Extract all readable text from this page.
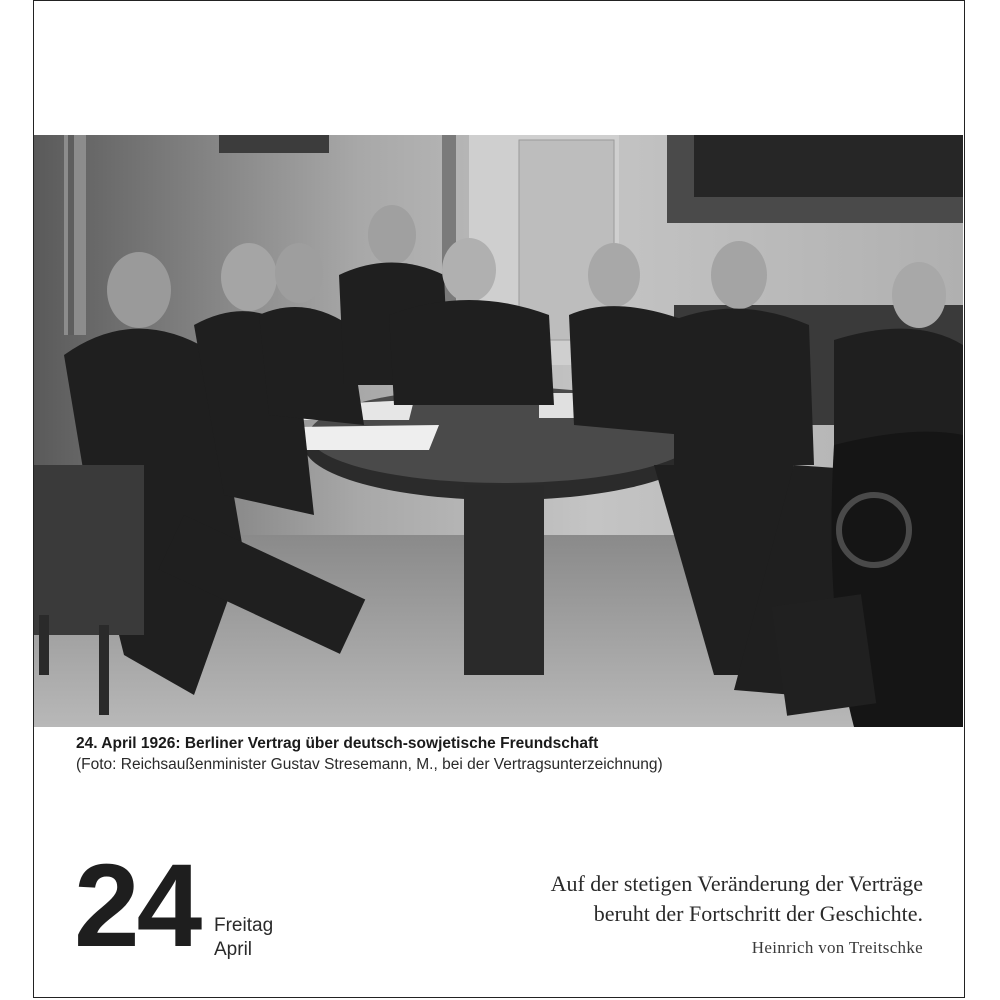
24. April 1926: Berliner Vertrag über deutsch-sowjetische Freundschaft
(Foto: Reichsaußenminister Gustav Stresemann, M., bei der Vertragsunterzeichnung)
24 Freitag
April
Auf der stetigen Veränderung der Verträge
beruht der Fortschritt der Geschichte.
Heinrich von Treitschke
